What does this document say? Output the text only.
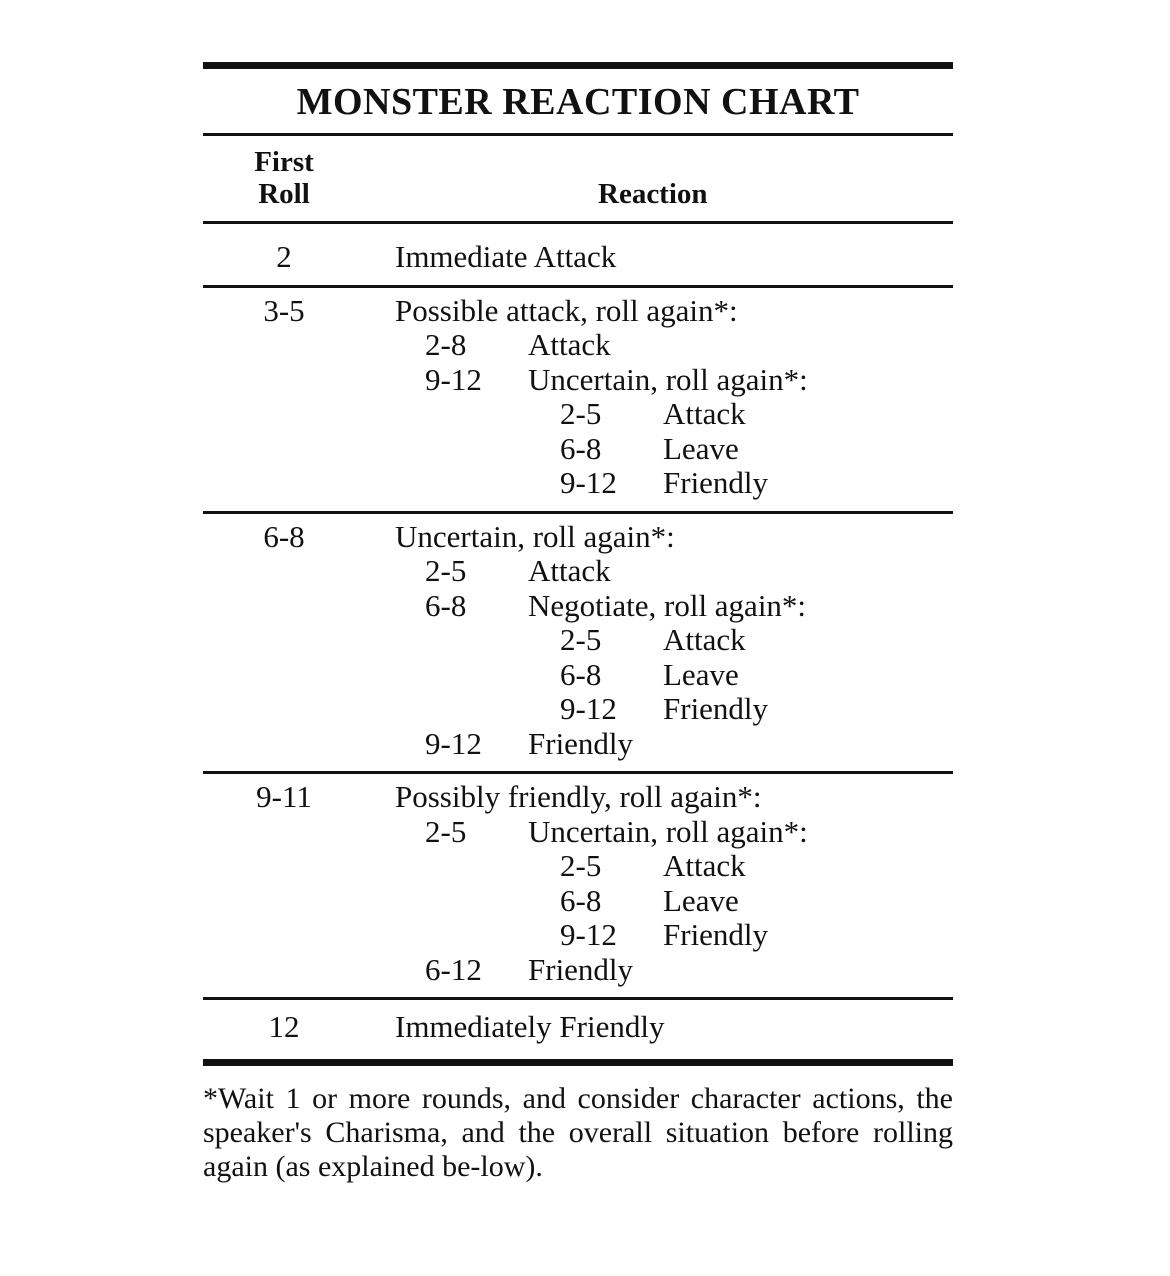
MONSTER REACTION CHART
First
Roll	Reaction
2	Immediate Attack
3-5	Possible attack, roll again*:
2-8 Attack
9-12 Uncertain, roll again*:
2-5 Attack
6-8 Leave
9-12 Friendly
6-8	Uncertain, roll again*:
2-5 Attack
6-8 Negotiate, roll again*:
2-5 Attack
6-8 Leave
9-12 Friendly
9-12 Friendly
9-11	Possibly friendly, roll again*:
2-5 Uncertain, roll again*:
2-5 Attack
6-8 Leave
9-12 Friendly
6-12 Friendly
12	Immediately Friendly
*Wait 1 or more rounds, and consider character actions, the speaker's Charisma, and the overall situation before rolling again (as explained be-low).
